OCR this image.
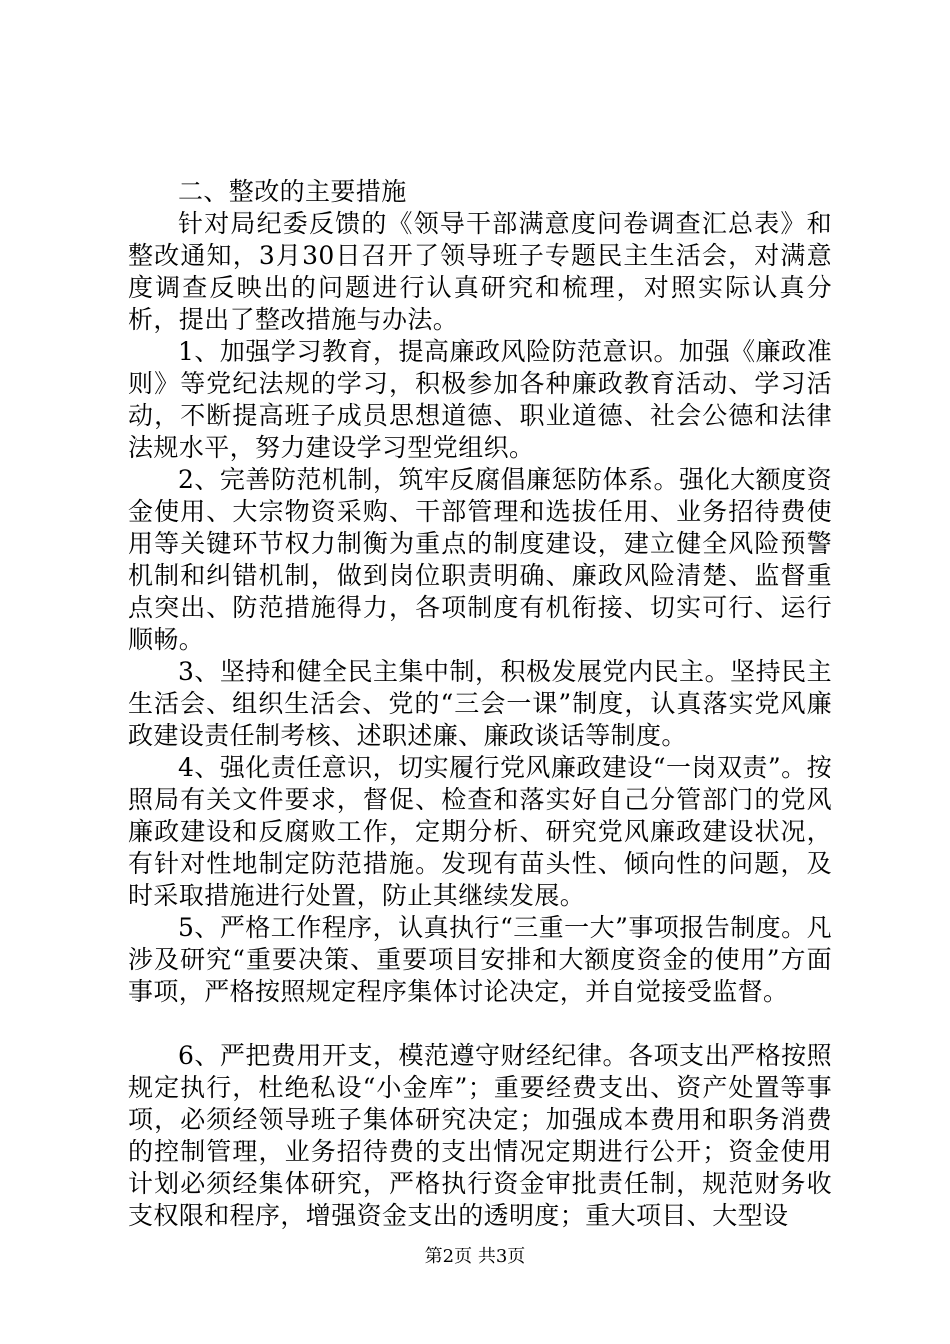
二、整改的主要措施

针对局纪委反馈的《领导干部满意度问卷调查汇总表》和整改通知，3月30日召开了领导班子专题民主生活会，对满意度调查反映出的问题进行认真研究和梳理，对照实际认真分析，提出了整改措施与办法。

1、加强学习教育，提高廉政风险防范意识。加强《廉政准则》等党纪法规的学习，积极参加各种廉政教育活动、学习活动，不断提高班子成员思想道德、职业道德、社会公德和法律法规水平，努力建设学习型党组织。

2、完善防范机制，筑牢反腐倡廉惩防体系。强化大额度资金使用、大宗物资采购、干部管理和选拔任用、业务招待费使用等关键环节权力制衡为重点的制度建设，建立健全风险预警机制和纠错机制，做到岗位职责明确、廉政风险清楚、监督重点突出、防范措施得力，各项制度有机衔接、切实可行、运行顺畅。

3、坚持和健全民主集中制，积极发展党内民主。坚持民主生活会、组织生活会、党的“三会一课”制度，认真落实党风廉政建设责任制考核、述职述廉、廉政谈话等制度。

4、强化责任意识，切实履行党风廉政建设“一岗双责”。按照局有关文件要求，督促、检查和落实好自己分管部门的党风廉政建设和反腐败工作，定期分析、研究党风廉政建设状况，有针对性地制定防范措施。发现有苗头性、倾向性的问题，及时采取措施进行处置，防止其继续发展。

5、严格工作程序，认真执行“三重一大”事项报告制度。凡涉及研究“重要决策、重要项目安排和大额度资金的使用”方面事项，严格按照规定程序集体讨论决定，并自觉接受监督。

6、严把费用开支，模范遵守财经纪律。各项支出严格按照规定执行，杜绝私设“小金库”；重要经费支出、资产处置等事项，必须经领导班子集体研究决定；加强成本费用和职务消费的控制管理，业务招待费的支出情况定期进行公开；资金使用计划必须经集体研究，严格执行资金审批责任制，规范财务收支权限和程序，增强资金支出的透明度；重大项目、大型设

第2页 共3页
